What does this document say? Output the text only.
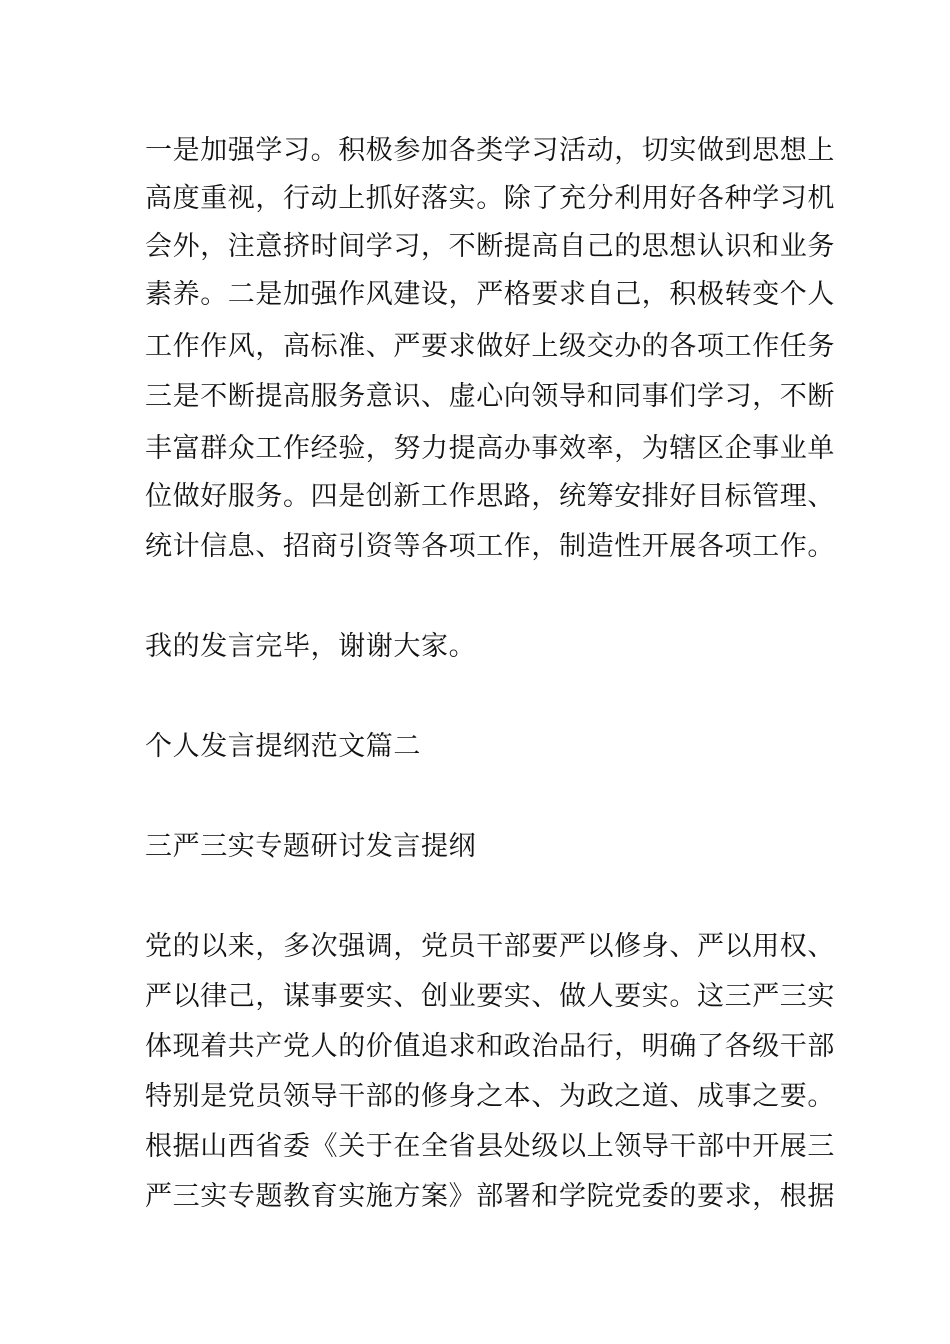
一是加强学习。积极参加各类学习活动，切实做到思想上
高度重视，行动上抓好落实。除了充分利用好各种学习机
会外，注意挤时间学习，不断提高自己的思想认识和业务
素养。二是加强作风建设，严格要求自己，积极转变个人
工作作风，高标准、严要求做好上级交办的各项工作任务
三是不断提高服务意识、虚心向领导和同事们学习，不断
丰富群众工作经验，努力提高办事效率，为辖区企事业单
位做好服务。四是创新工作思路，统筹安排好目标管理、
统计信息、招商引资等各项工作，制造性开展各项工作。
我的发言完毕，谢谢大家。
个人发言提纲范文篇二
三严三实专题研讨发言提纲
党的以来，多次强调，党员干部要严以修身、严以用权、
严以律己，谋事要实、创业要实、做人要实。这三严三实
体现着共产党人的价值追求和政治品行，明确了各级干部
特别是党员领导干部的修身之本、为政之道、成事之要。
根据山西省委《关于在全省县处级以上领导干部中开展三
严三实专题教育实施方案》部署和学院党委的要求，根据
